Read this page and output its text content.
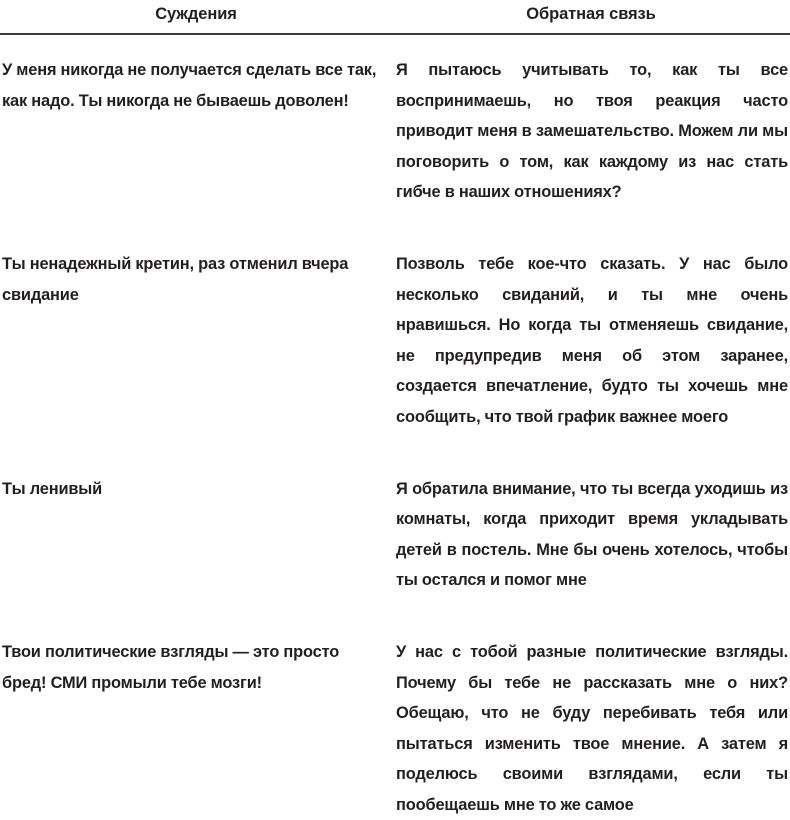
Суждения	Обратная связь

У меня никогда не получается сделать все так, как надо. Ты никогда не бываешь доволен!

Я пытаюсь учитывать то, как ты все воспринимаешь, но твоя реакция часто приводит меня в замешательство. Можем ли мы поговорить о том, как каждому из нас стать гибче в наших отношениях?

Ты ненадежный кретин, раз отменил вчера свидание

Позволь тебе кое-что сказать. У нас было несколько свиданий, и ты мне очень нравишься. Но когда ты отменяешь свидание, не предупредив меня об этом заранее, создается впечатление, будто ты хочешь мне сообщить, что твой график важнее моего

Ты ленивый	Я обратила внимание, что ты всегда уходишь из комнаты, когда приходит время укладывать детей в постель. Мне бы очень хотелось, чтобы ты остался и помог мне

Твои политические взгляды — это просто бред! СМИ промыли тебе мозги!

У нас с тобой разные политические взгляды. Почему бы тебе не рассказать мне о них? Обещаю, что не буду перебивать тебя или пытаться изменить твое мнение. А затем я поделюсь своими взглядами, если ты пообещаешь мне то же самое
